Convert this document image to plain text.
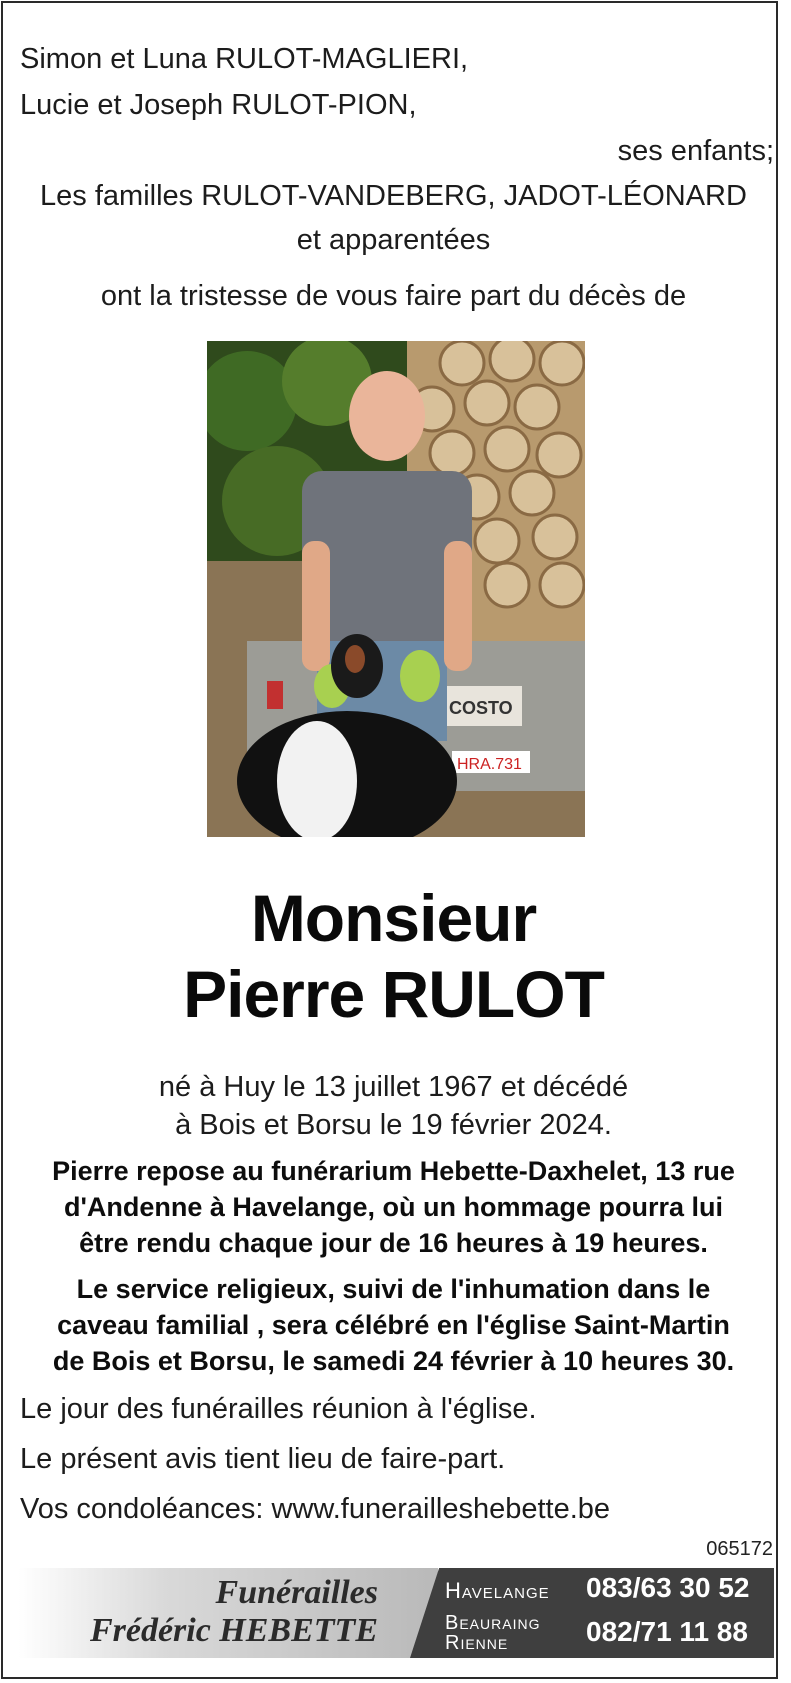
Simon et Luna RULOT-MAGLIERI,
Lucie et Joseph RULOT-PION,
ses enfants;
Les familles RULOT-VANDEBERG, JADOT-LÉONARD
et apparentées
ont la tristesse de vous faire part du décès de
COSTO
HRA.731
Monsieur
Pierre RULOT
né à Huy le 13 juillet 1967 et décédé
à Bois et Borsu le 19 février 2024.
Pierre repose au funérarium Hebette-Daxhelet, 13 rue
d'Andenne à Havelange, où un hommage pourra lui
être rendu chaque jour de 16 heures à 19 heures.
Le service religieux, suivi de l'inhumation dans le
caveau familial , sera célébré en l'église Saint-Martin
de Bois et Borsu, le samedi 24 février à 10 heures 30.
Le jour des funérailles réunion à l'église.
Le présent avis tient lieu de faire-part.
Vos condoléances: www.funerailleshebette.be
065172
Funérailles
Frédéric HEBETTE
Havelange 083/63 30 52
Beauraing
Rienne	082/71 11 88
